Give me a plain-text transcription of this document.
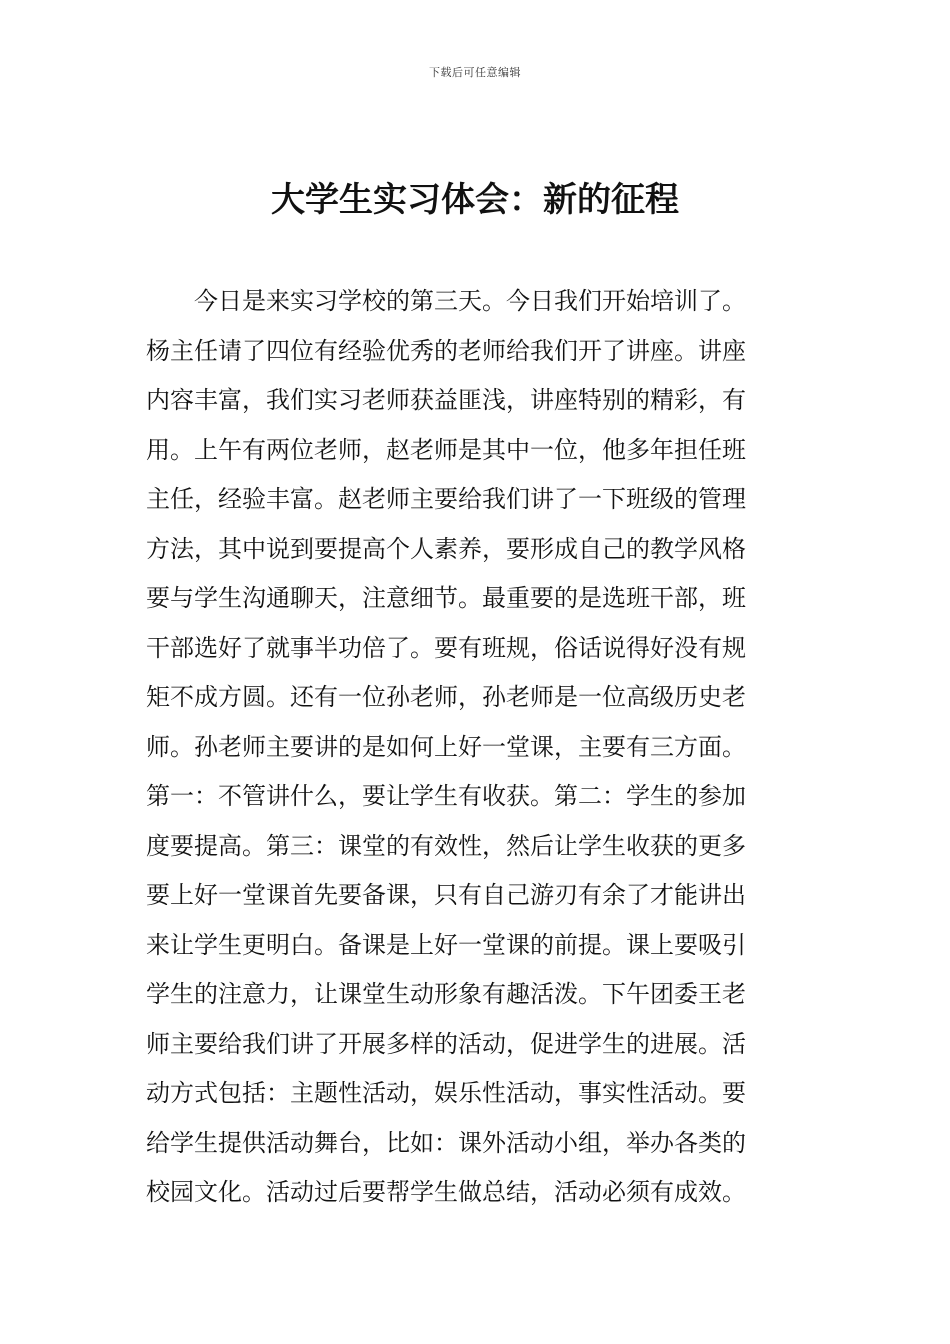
下载后可任意编辑
大学生实习体会：新的征程
今日是来实习学校的第三天。今日我们开始培训了。
杨主任请了四位有经验优秀的老师给我们开了讲座。讲座
内容丰富，我们实习老师获益匪浅，讲座特别的精彩，有
用。上午有两位老师，赵老师是其中一位，他多年担任班
主任，经验丰富。赵老师主要给我们讲了一下班级的管理
方法，其中说到要提高个人素养，要形成自己的教学风格
要与学生沟通聊天，注意细节。最重要的是选班干部，班
干部选好了就事半功倍了。要有班规，俗话说得好没有规
矩不成方圆。还有一位孙老师，孙老师是一位高级历史老
师。孙老师主要讲的是如何上好一堂课，主要有三方面。
第一：不管讲什么，要让学生有收获。第二：学生的参加
度要提高。第三：课堂的有效性，然后让学生收获的更多
要上好一堂课首先要备课，只有自己游刃有余了才能讲出
来让学生更明白。备课是上好一堂课的前提。课上要吸引
学生的注意力，让课堂生动形象有趣活泼。下午团委王老
师主要给我们讲了开展多样的活动，促进学生的进展。活
动方式包括：主题性活动，娱乐性活动，事实性活动。要
给学生提供活动舞台，比如：课外活动小组，举办各类的
校园文化。活动过后要帮学生做总结，活动必须有成效。
